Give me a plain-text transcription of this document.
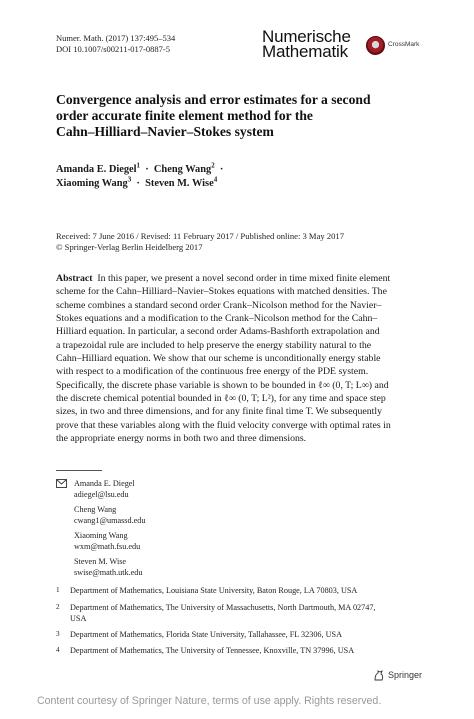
Numer. Math. (2017) 137:495–534
DOI 10.1007/s00211-017-0887-5
Numerische
Mathematik	CrossMark
Convergence analysis and error estimates for a second
order accurate finite element method for the
Cahn–Hilliard–Navier–Stokes system
Amanda E. Diegel$^1$  ·  Cheng Wang$^2$  ·
Xiaoming Wang$^3$  ·  Steven M. Wise$^4$
Received: 7 June 2016 / Revised: 11 February 2017 / Published online: 3 May 2017
© Springer-Verlag Berlin Heidelberg 2017
Abstract In this paper, we present a novel second order in time mixed finite element
scheme for the Cahn–Hilliard–Navier–Stokes equations with matched densities. The
scheme combines a standard second order Crank–Nicolson method for the Navier–
Stokes equations and a modification to the Crank–Nicolson method for the Cahn–
Hilliard equation. In particular, a second order Adams-Bashforth extrapolation and
a trapezoidal rule are included to help preserve the energy stability natural to the
Cahn–Hilliard equation. We show that our scheme is unconditionally energy stable
with respect to a modification of the continuous free energy of the PDE system.
Specifically, the discrete phase variable is shown to be bounded in ℓ∞ (0, T; L∞) and
the discrete chemical potential bounded in ℓ∞ (0, T; L²), for any time and space step
sizes, in two and three dimensions, and for any finite final time T. We subsequently
prove that these variables along with the fluid velocity converge with optimal rates in
the appropriate energy norms in both two and three dimensions.
Amanda E. Diegel
adiegel@lsu.edu
Cheng Wang
cwang1@umassd.edu
Xiaoming Wang
wxm@math.fsu.edu
Steven M. Wise
swise@math.utk.edu
1 Department of Mathematics, Louisiana State University, Baton Rouge, LA 70803, USA
2 Department of Mathematics, The University of Massachusetts, North Dartmouth, MA 02747,
USA
3 Department of Mathematics, Florida State University, Tallahassee, FL 32306, USA
4 Department of Mathematics, The University of Tennessee, Knoxville, TN 37996, USA
Springer
Content courtesy of Springer Nature, terms of use apply. Rights reserved.
